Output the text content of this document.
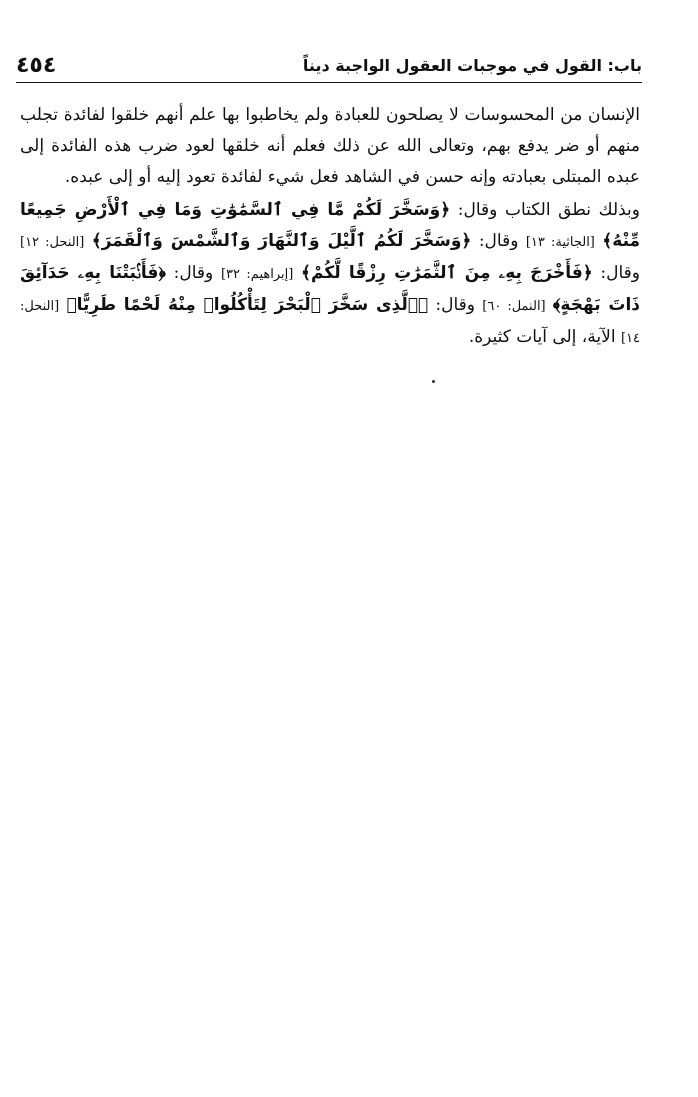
٤٥٤	باب: القول في موجبات العقول الواجبة ديناً

الإنسان من المحسوسات لا يصلحون للعبادة ولم يخاطبوا بها علم أنهم خلقوا لفائدة تجلب منهم أو ضر يدفع بهم، وتعالى الله عن ذلك فعلم أنه خلقها لعود ضرب هذه الفائدة إلى عبده المبتلى بعبادته وإنه حسن في الشاهد فعل شيء لفائدة تعود إليه أو إلى عبده.

وبذلك نطق الكتاب وقال: ﴿وَسَخَّرَ لَكُمْ مَّا فِي ٱلسَّمَٰوَٰتِ وَمَا فِي ٱلْأَرْضِ جَمِيعًا مِّنْهُ﴾ [الجاثية: ١٣] وقال: ﴿وَسَخَّرَ لَكُمُ ٱلَّيْلَ وَٱلنَّهَارَ وَٱلشَّمْسَ وَٱلْقَمَرَ﴾ [النحل: ١٢] وقال: ﴿فَأَخْرَجَ بِهِۦ مِنَ ٱلثَّمَرَٰتِ رِزْقًا لَّكُمْ﴾ [إبراهيم: ٣٢] وقال: ﴿فَأَنۢبَتْنَا بِهِۦ حَدَآئِقَ ذَاتَ بَهْجَةٍ﴾ [النمل: ٦٠] وقال: ﴿ٱلَّذِى سَخَّرَ ٱلْبَحْرَ لِتَأْكُلُوا۟ مِنْهُ لَحْمًا طَرِيًّا﴾ [النحل: ١٤] الآية، إلى آيات كثيرة.
